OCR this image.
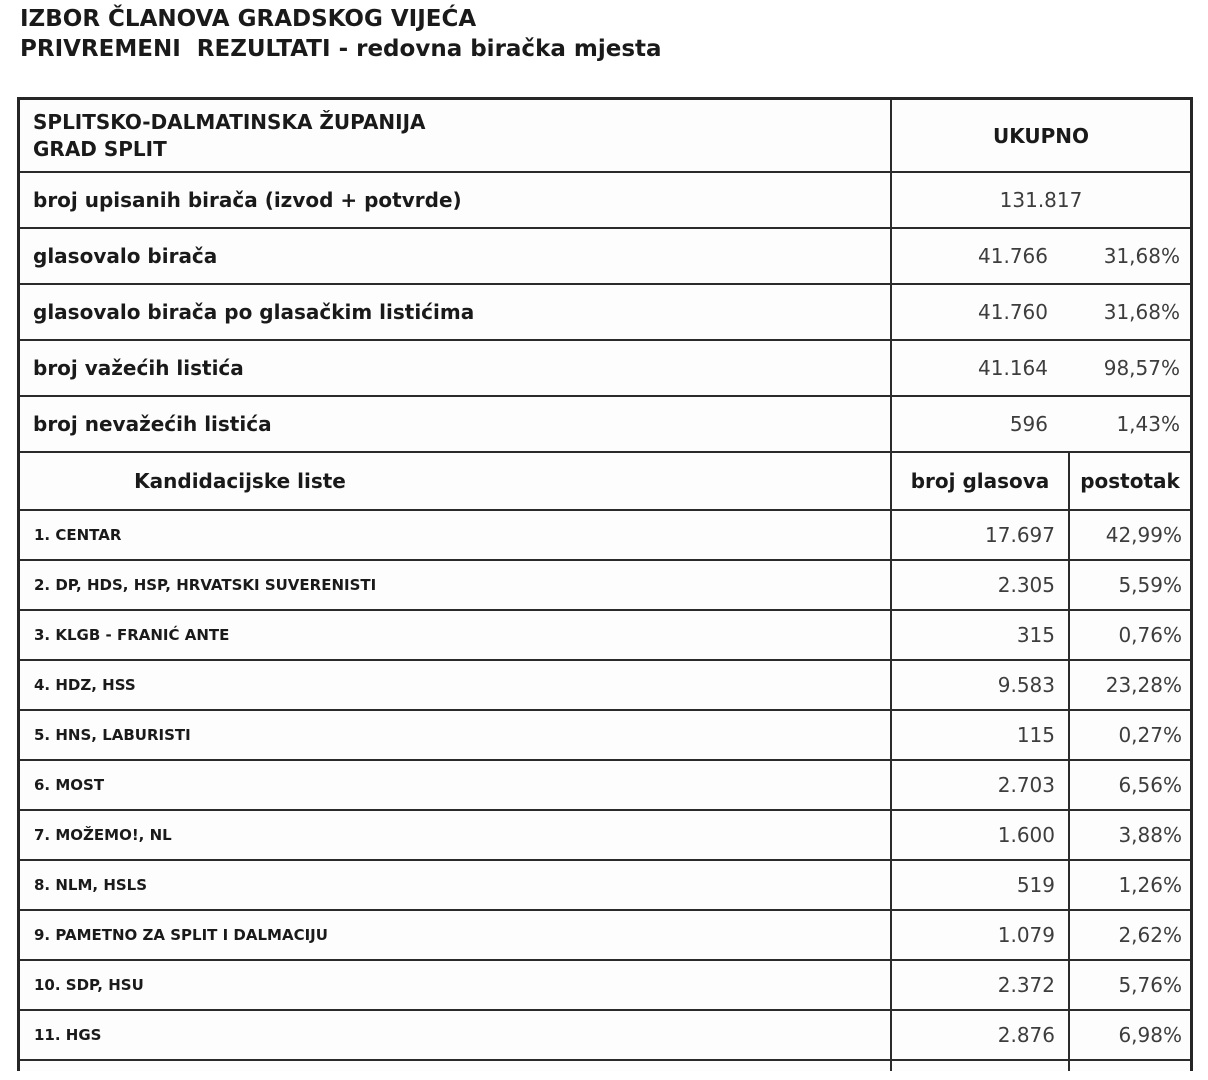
IZBOR ČLANOVA GRADSKOG VIJEĆA
PRIVREMENI  REZULTATI - redovna biračka mjesta
SPLITSKO-DALMATINSKA ŽUPANIJA
GRAD SPLIT
UKUPNO
broj upisanih birača (izvod + potvrde)	131.817
glasovalo birača	41.766	31,68%
glasovalo birača po glasačkim listićima	41.760	31,68%
broj važećih listića	41.164	98,57%
broj nevažećih listića	596	1,43%
Kandidacijske liste	broj glasova	postotak
1. CENTAR	17.697	42,99%
2. DP, HDS, HSP, HRVATSKI SUVERENISTI	2.305	5,59%
3. KLGB - FRANIĆ ANTE	315	0,76%
4. HDZ, HSS	9.583	23,28%
5. HNS, LABURISTI	115	0,27%
6. MOST	2.703	6,56%
7. MOŽEMO!, NL	1.600	3,88%
8. NLM, HSLS	519	1,26%
9. PAMETNO ZA SPLIT I DALMACIJU	1.079	2,62%
10. SDP, HSU	2.372	5,76%
11. HGS	2.876	6,98%
